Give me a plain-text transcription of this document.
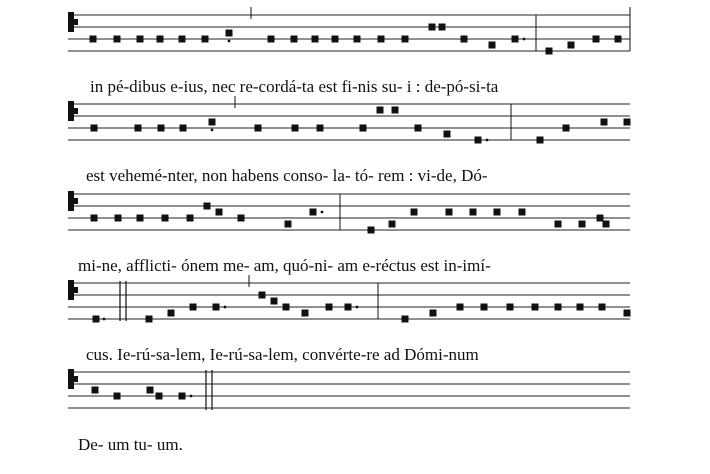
in pé-dibus e-ius, nec re-cordá-ta est fi-nis su- i : de-pó-si-ta
est vehemé-nter, non habens conso- la- tó- rem : vi-de, Dó-
mi-ne, afflicti- ónem me- am, quó-ni- am e-réctus est in-imí-
cus. Ie-rú-sa-lem, Ie-rú-sa-lem, convérte-re ad Dómi-num
De- um tu- um.
